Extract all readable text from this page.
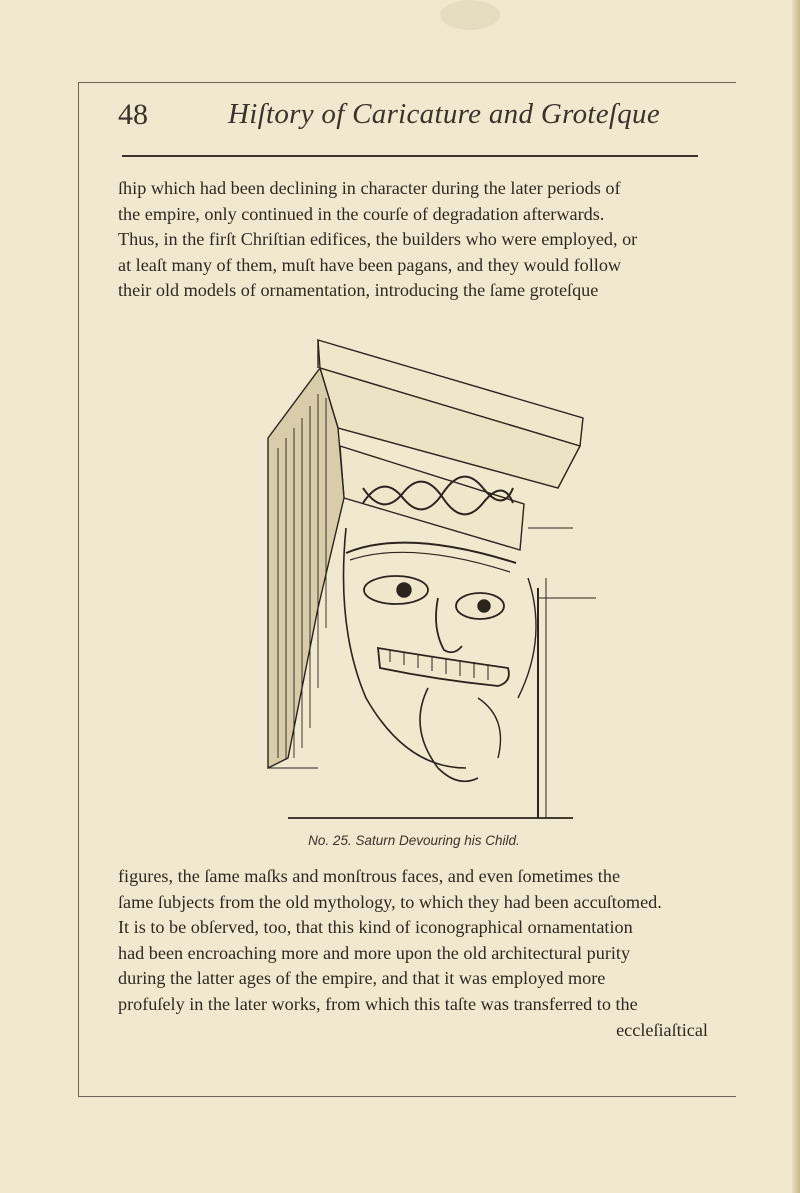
48	Hiſtory of Caricature and Groteſque
ſhip which had been declining in character during the later periods of
the empire, only continued in the courſe of degradation afterwards.
Thus, in the firſt Chriſtian edifices, the builders who were employed, or
at leaſt many of them, muſt have been pagans, and they would follow
their old models of ornamentation, introducing the ſame groteſque
No. 25. Saturn Devouring his Child.
figures, the ſame maſks and monſtrous faces, and even ſometimes the
ſame ſubjects from the old mythology, to which they had been accuſtomed.
It is to be obſerved, too, that this kind of iconographical ornamentation
had been encroaching more and more upon the old architectural purity
during the latter ages of the empire, and that it was employed more
profuſely in the later works, from which this taſte was transferred to the
eccleſiaſtical
